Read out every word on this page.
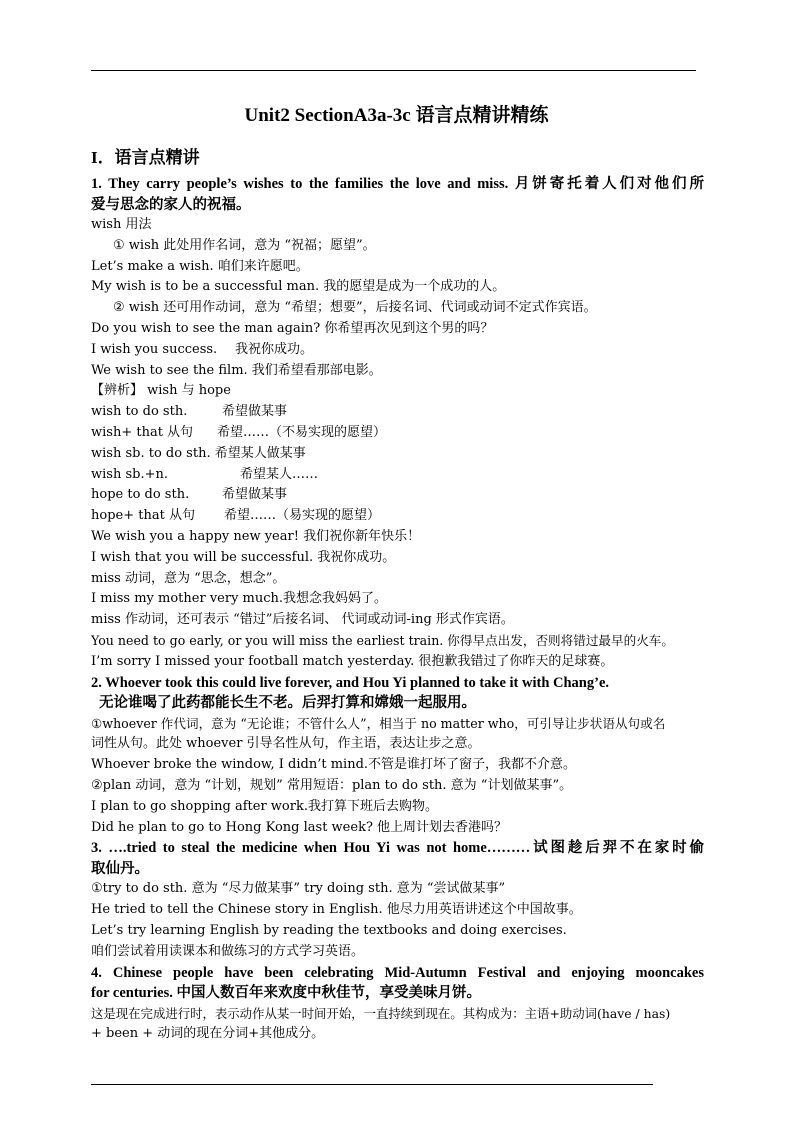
Unit2 SectionA3a-3c 语言点精讲精练
I．语言点精讲
1. They carry people’s wishes to the families the love and miss. 月饼寄托着人们对他们所
爱与思念的家人的祝福。
wish 用法
① wish 此处用作名词，意为 “祝福；愿望”。
Let’s make a wish. 咱们来许愿吧。
My wish is to be a successful man. 我的愿望是成为一个成功的人。
② wish 还可用作动词，意为 “希望；想要”，后接名词、代词或动词不定式作宾语。
Do you wish to see the man again? 你希望再次见到这个男的吗？
I wish you success. 我祝你成功。
We wish to see the film. 我们希望看那部电影。
【辨析】 wish 与 hope
wish to do sth.	希望做某事
wish+ that 从句 希望……（不易实现的愿望）
wish sb. to do sth. 希望某人做某事
wish sb.+n.	希望某人……
hope to do sth.	希望做某事
hope+ that 从句 希望……（易实现的愿望）
We wish you a happy new year! 我们祝你新年快乐！
I wish that you will be successful. 我祝你成功。
miss 动词，意为 “思念，想念”。
I miss my mother very much.我想念我妈妈了。
miss 作动词，还可表示 “错过”后接名词、 代词或动词-ing 形式作宾语。
You need to go early, or you will miss the earliest train. 你得早点出发，否则将错过最早的火车。
I’m sorry I missed your football match yesterday. 很抱歉我错过了你昨天的足球赛。
2. Whoever took this could live forever, and Hou Yi planned to take it with Chang’e.
无论谁喝了此药都能长生不老。后羿打算和嫦娥一起服用。
①whoever 作代词，意为 “无论谁；不管什么人”，相当于 no matter who，可引导让步状语从句或名
词性从句。此处 whoever 引导名性从句，作主语，表达让步之意。
Whoever broke the window, I didn’t mind.不管是谁打坏了窗子，我都不介意。
②plan 动词，意为 “计划，规划” 常用短语：plan to do sth. 意为 “计划做某事”。
I plan to go shopping after work.我打算下班后去购物。
Did he plan to go to Hong Kong last week? 他上周计划去香港吗？
3. ….tried to steal the medicine when Hou Yi was not home………试图趁后羿不在家时偷
取仙丹。
①try to do sth. 意为 “尽力做某事” try doing sth. 意为 “尝试做某事”
He tried to tell the Chinese story in English. 他尽力用英语讲述这个中国故事。
Let’s try learning English by reading the textbooks and doing exercises.
咱们尝试着用读课本和做练习的方式学习英语。
4. Chinese people have been celebrating Mid-Autumn Festival and enjoying mooncakes
for centuries. 中国人数百年来欢度中秋佳节，享受美味月饼。
这是现在完成进行时，表示动作从某一时间开始，一直持续到现在。其构成为：主语+助动词(have / has)
+ been + 动词的现在分词+其他成分。
